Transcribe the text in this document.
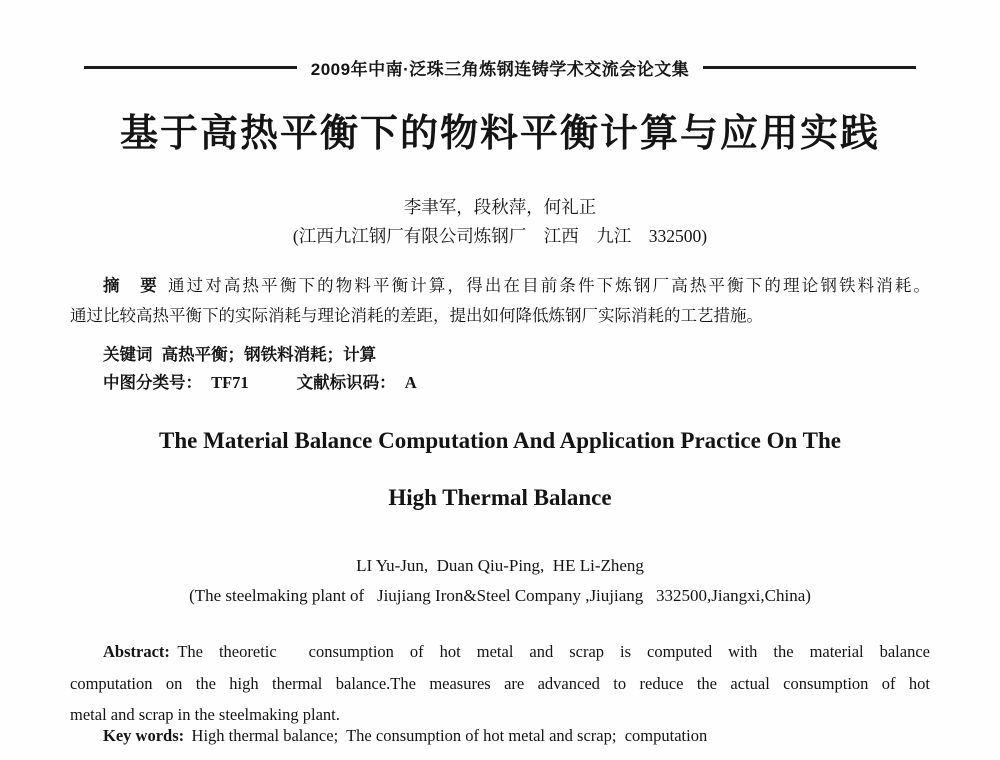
2009年中南·泛珠三角炼钢连铸学术交流会论文集
基于高热平衡下的物料平衡计算与应用实践
李聿军，段秋萍，何礼正
(江西九江钢厂有限公司炼钢厂　江西　九江　332500)
摘　要 通过对高热平衡下的物料平衡计算，得出在目前条件下炼钢厂高热平衡下的理论钢铁料消耗。
通过比较高热平衡下的实际消耗与理论消耗的差距，提出如何降低炼钢厂实际消耗的工艺措施。
关键词 高热平衡；钢铁料消耗；计算
中图分类号： TF71	文献标识码： A
The Material Balance Computation And Application Practice On The
High Thermal Balance
LI Yu-Jun,  Duan Qiu-Ping,  HE Li-Zheng
(The steelmaking plant of   Jiujiang Iron&Steel Company ,Jiujiang   332500,Jiangxi,China)
Abstract: The theoretic  consumption of hot metal and scrap is computed with the material balance
computation on the high thermal balance.The measures are advanced to reduce the actual consumption of hot
metal and scrap in the steelmaking plant.
Key words: High thermal balance;  The consumption of hot metal and scrap;  computation
